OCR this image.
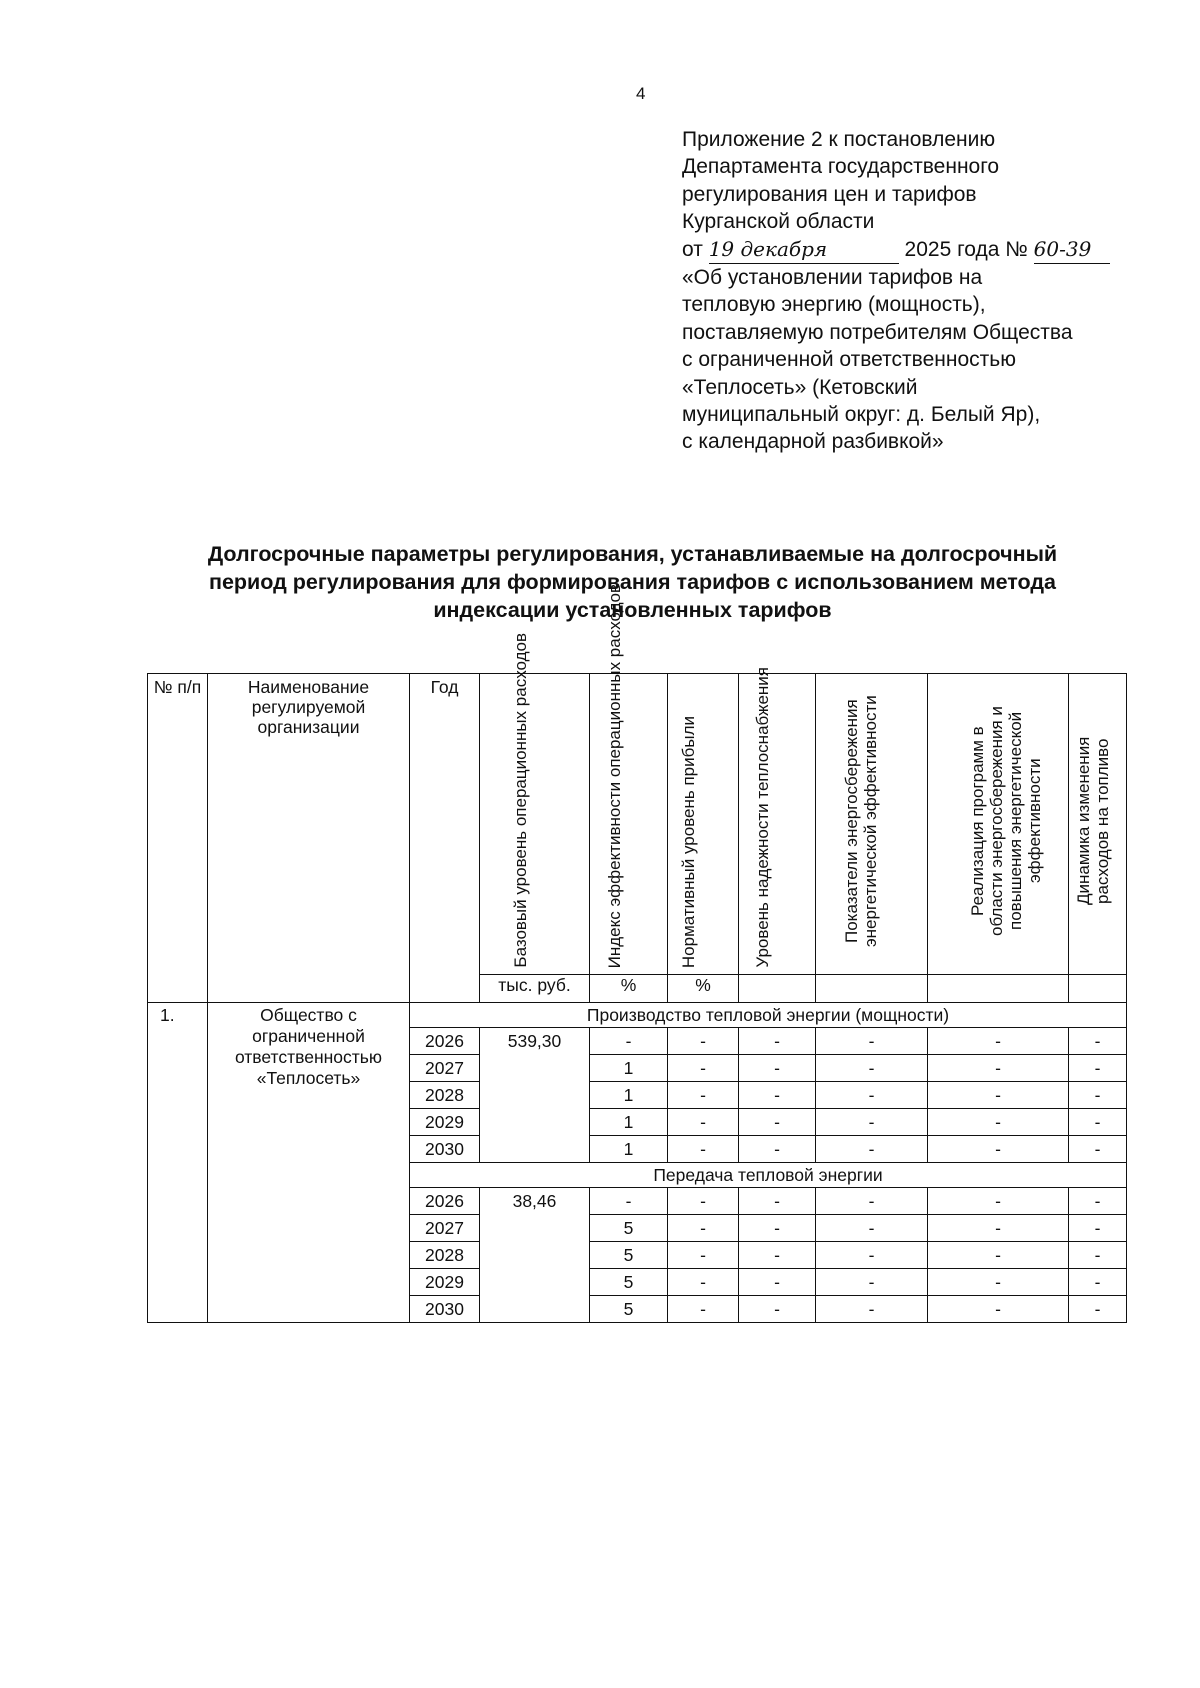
4
Приложение 2 к постановлению
Департамента государственного
регулирования цен и тарифов
Курганской области
от 19 декабря	2025 года № 60-39
«Об установлении тарифов на
тепловую энергию (мощность),
поставляемую потребителям Общества
с ограниченной ответственностью
«Теплосеть» (Кетовский
муниципальный округ: д. Белый Яр),
с календарной разбивкой»
Долгосрочные параметры регулирования, устанавливаемые на долгосрочный
период регулирования для формирования тарифов с использованием метода
индексации установленных тарифов
№ п/п	Наименование регулируемой организации	Год	Базовый уровень операционных расходов	Индекс эффективности операционных расходов	Нормативный уровень прибыли	Уровень надежности теплоснабжения	Показатели энергосбережения энергетической эффективности	Реализация программ в области энергосбережения и повышения энергетической эффективности	Динамика изменения расходов на топливо

			тыс. руб.	%	%				
1.	Общество с ограниченной ответственностью «Теплосеть»	Производство тепловой энергии (мощности)							
		2026	539,30	-	-	-	-	-	-
		2027		1	-	-	-	-	-
		2028		1	-	-	-	-	-
		2029		1	-	-	-	-	-
		2030		1	-	-	-	-	-
		Передача тепловой энергии							
		2026	38,46	-	-	-	-	-	-
		2027		5	-	-	-	-	-
		2028		5	-	-	-	-	-
		2029		5	-	-	-	-	-
		2030		5	-	-	-	-	-
